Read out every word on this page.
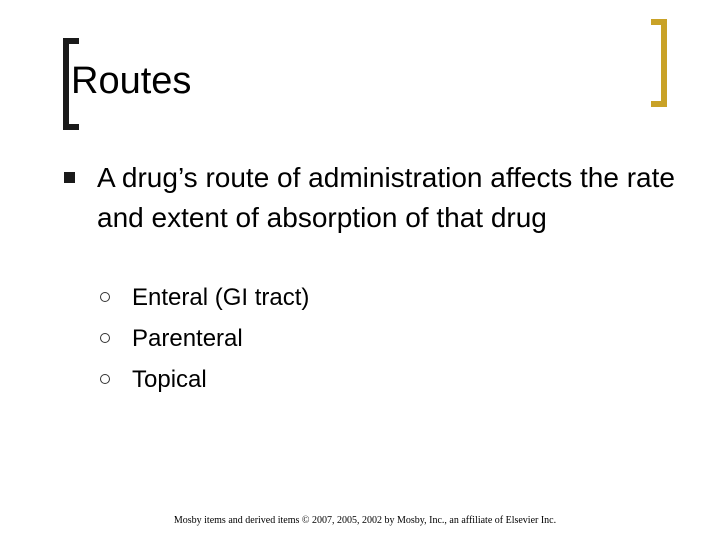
Routes
A drug’s route of administration affects the rate and extent of absorption of that drug
Enteral (GI tract)
Parenteral
Topical
Mosby items and derived items © 2007, 2005, 2002 by Mosby, Inc., an affiliate of Elsevier Inc.
